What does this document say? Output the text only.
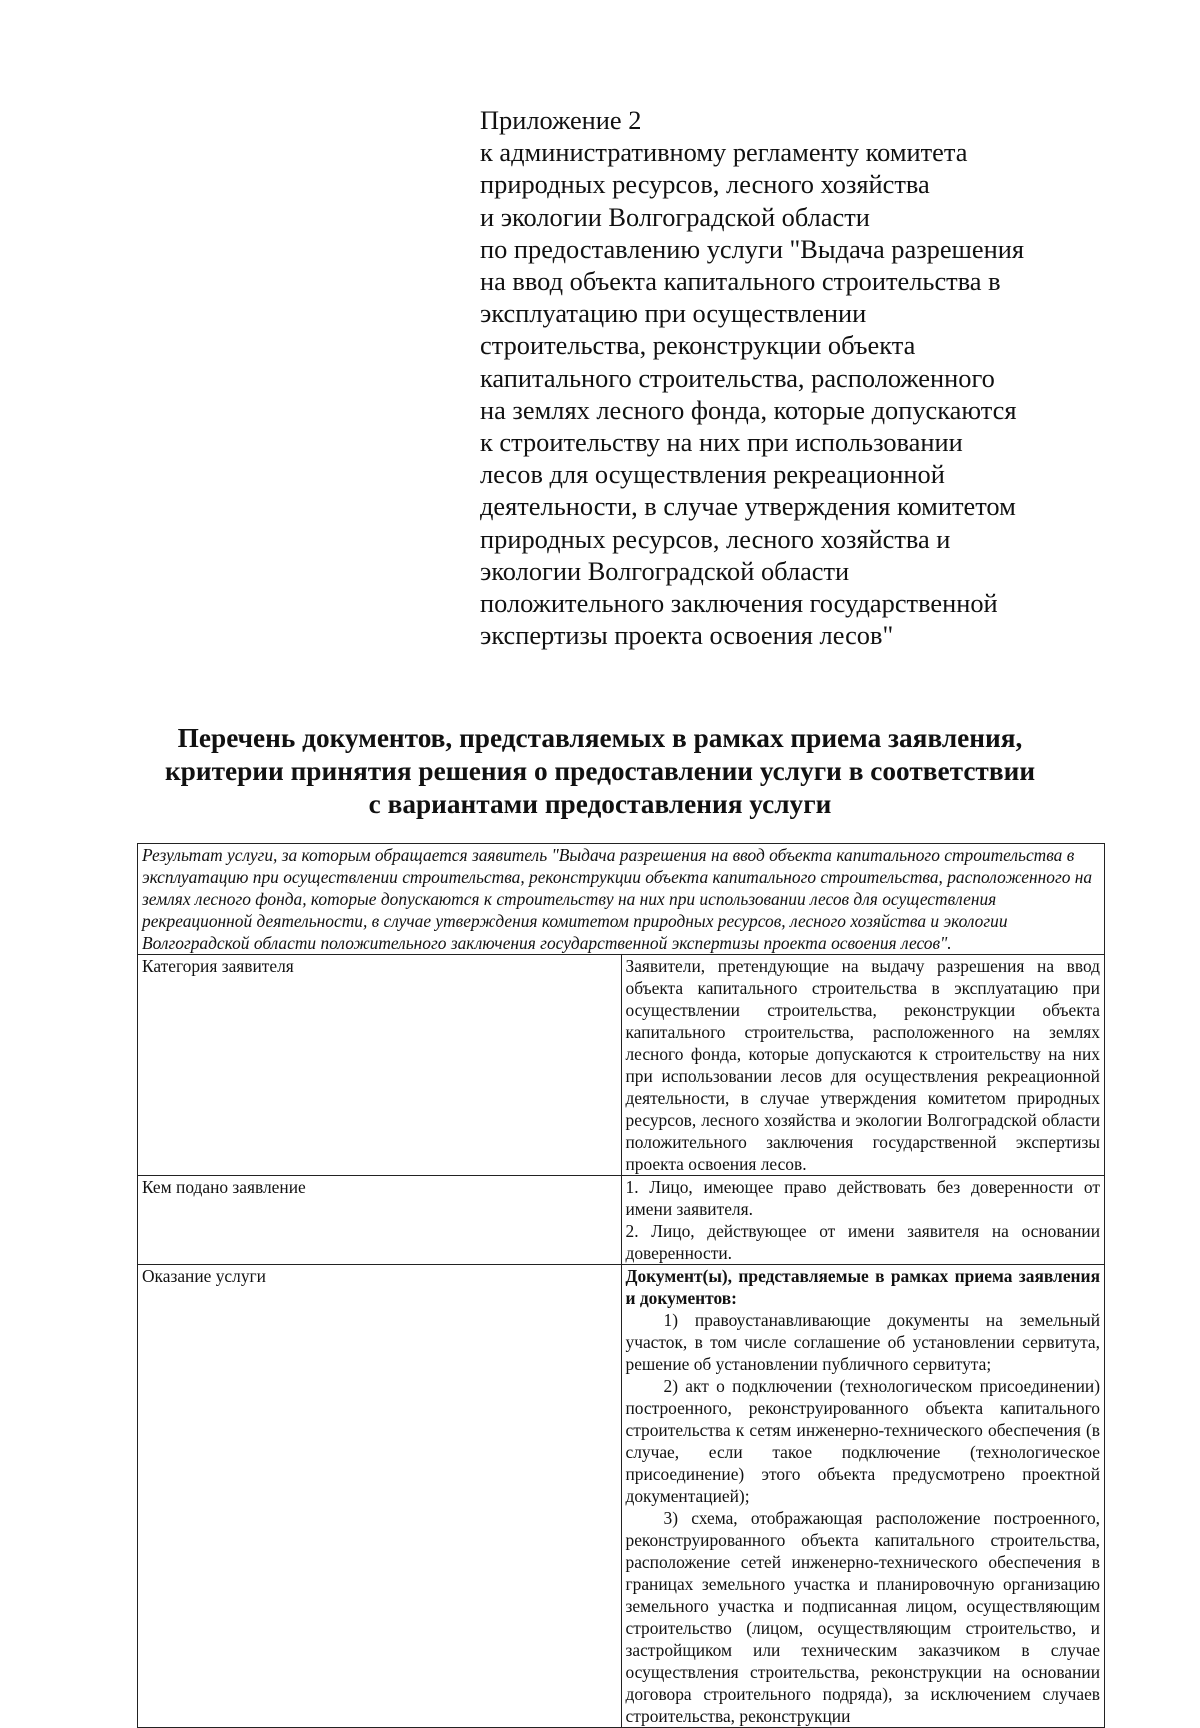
Приложение 2
к административному регламенту комитета
природных ресурсов, лесного хозяйства
и экологии Волгоградской области
по предоставлению услуги "Выдача разрешения
на ввод объекта капитального строительства в
эксплуатацию при осуществлении
строительства, реконструкции объекта
капитального строительства, расположенного
на землях лесного фонда, которые допускаются
к строительству на них при использовании
лесов для осуществления рекреационной
деятельности, в случае утверждения комитетом
природных ресурсов, лесного хозяйства и
экологии Волгоградской области
положительного заключения государственной
экспертизы проекта освоения лесов"
Перечень документов, представляемых в рамках приема заявления,
критерии принятия решения о предоставлении услуги в соответствии
с вариантами предоставления услуги
Результат услуги, за которым обращается заявитель "Выдача разрешения на ввод объекта капитального строительства в эксплуатацию при осуществлении строительства, реконструкции объекта капитального строительства, расположенного на землях лесного фонда, которые допускаются к строительству на них при использовании лесов для осуществления рекреационной деятельности, в случае утверждения комитетом природных ресурсов, лесного хозяйства и экологии Волгоградской области положительного заключения государственной экспертизы проекта освоения лесов".	
Категория заявителя	Заявители, претендующие на выдачу разрешения на ввод объекта капитального строительства в эксплуатацию при осуществлении строительства, реконструкции объекта капитального строительства, расположенного на землях лесного фонда, которые допускаются к строительству на них при использовании лесов для осуществления рекреационной деятельности, в случае утверждения комитетом природных ресурсов, лесного хозяйства и экологии Волгоградской области положительного заключения государственной экспертизы проекта освоения лесов.
Кем подано заявление	1. Лицо, имеющее право действовать без доверенности от имени заявителя.
2. Лицо, действующее от имени заявителя на основании доверенности.

Оказание услуги	Документ(ы), представляемые в рамках приема заявления
и документов:
1) правоустанавливающие документы на земельный участок, в том числе соглашение об установлении сервитута, решение об установлении публичного сервитута;
2) акт о подключении (технологическом присоединении) построенного, реконструированного объекта капитального строительства к сетям инженерно-технического обеспечения (в случае, если такое подключение (технологическое присоединение) этого объекта предусмотрено проектной документацией);
3) схема, отображающая расположение построенного, реконструированного объекта капитального строительства, расположение сетей инженерно-технического обеспечения в границах земельного участка и планировочную организацию земельного участка и подписанная лицом, осуществляющим строительство (лицом, осуществляющим строительство, и застройщиком или техническим заказчиком в случае осуществления строительства, реконструкции на основании договора строительного подряда), за исключением случаев строительства, реконструкции
